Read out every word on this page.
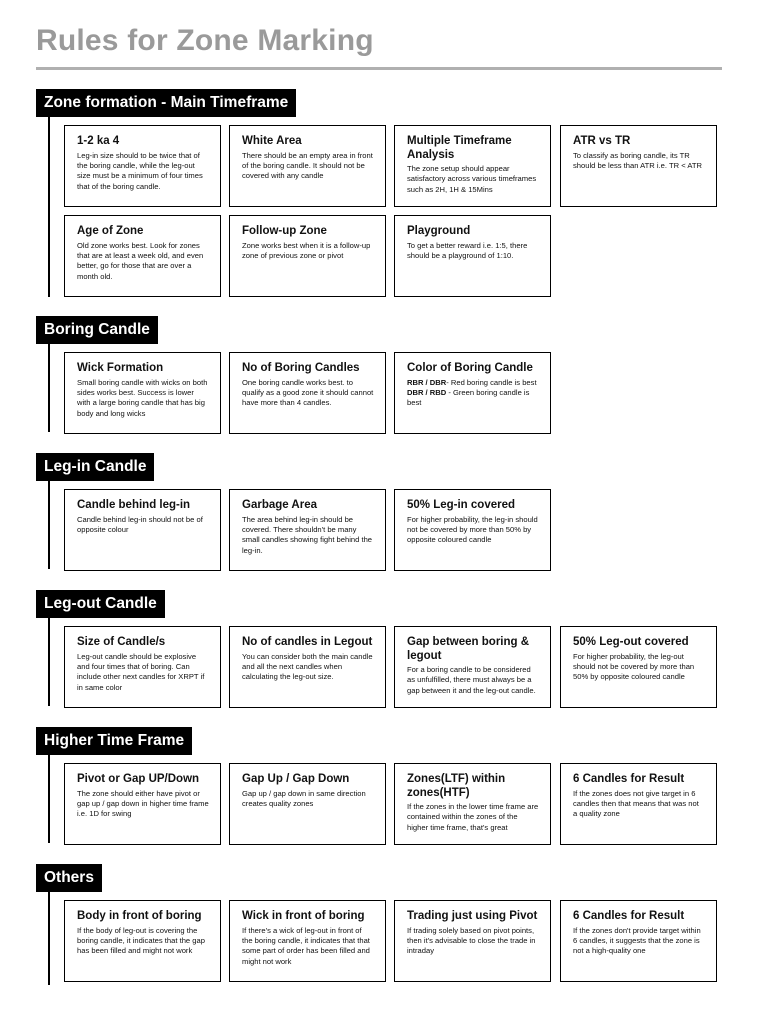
Rules for Zone Marking
Zone formation - Main Timeframe
1-2 ka 4
Leg-in size should to be twice that of the boring candle, while the leg-out size must be a minimum of four times that of the boring candle.
White Area
There should be an empty area in front of the boring candle. It should not be covered with any candle
Multiple Timeframe Analysis
The zone setup should appear satisfactory across various timeframes such as 2H, 1H & 15Mins
ATR vs TR
To classify as boring candle, its TR should be less than ATR i.e. TR < ATR
Age of Zone
Old zone works best. Look for zones that are at least a week old, and even better, go for those that are over a month old.
Follow-up Zone
Zone works best when it is a follow-up zone of previous zone or pivot
Playground
To get a better reward i.e. 1:5, there should be a playground of 1:10.
Boring Candle
Wick Formation
Small boring candle with wicks on both sides works best. Success is lower with a large boring candle that has big body and long wicks
No of Boring Candles
One boring candle works best. to qualify as a good zone it should cannot have more than 4 candles.
Color of Boring Candle
RBR / DBR- Red boring candle is best
DBR / RBD - Green boring candle is best
Leg-in Candle
Candle behind leg-in
Candle behind leg-in should not be of opposite colour
Garbage Area
The area behind leg-in should be covered. There shouldn't be many small candles showing fight behind the leg-in.
50% Leg-in covered
For higher probability, the leg-in should not be covered by more than 50% by opposite coloured candle
Leg-out Candle
Size of Candle/s
Leg-out candle should be explosive and four times that of boring. Can include other next candles for XRPT if in same color
No of candles in Legout
You can consider both the main candle and all the next candles when calculating the leg-out size.
Gap between boring & legout
For a boring candle to be considered as unfulfilled, there must always be a gap between it and the leg-out candle.
50% Leg-out covered
For higher probability, the leg-out should not be covered by more than 50% by opposite coloured candle
Higher Time Frame
Pivot or Gap UP/Down
The zone should either have pivot or gap up / gap down in higher time frame i.e. 1D for swing
Gap Up / Gap Down
Gap up / gap down in same direction creates quality zones
Zones(LTF) within zones(HTF)
If the zones in the lower time frame are contained within the zones of the higher time frame, that's great
6 Candles for Result
If the zones does not give target in 6 candles then that means that was not a quality zone
Others
Body in front of boring
If the body of leg-out is covering the boring candle, it indicates that the gap has been filled and might not work
Wick in front of boring
If there's a wick of leg-out in front of the boring candle, it indicates that that some part of order has been filled and might not work
Trading just using Pivot
If trading solely based on pivot points, then it's advisable to close the trade in intraday
6 Candles for Result
If the zones don't provide target within 6 candles, it suggests that the zone is not a high-quality one
